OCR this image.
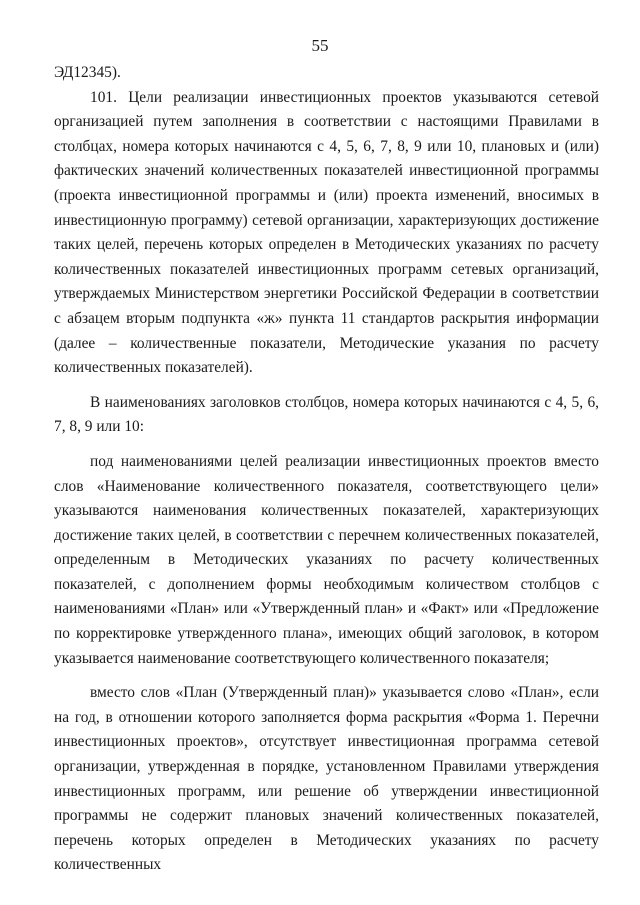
55

ЭД12345).

101. Цели реализации инвестиционных проектов указываются сетевой организацией путем заполнения в соответствии с настоящими Правилами в столбцах, номера которых начинаются с 4, 5, 6, 7, 8, 9 или 10, плановых и (или) фактических значений количественных показателей инвестиционной программы (проекта инвестиционной программы и (или) проекта изменений, вносимых в инвестиционную программу) сетевой организации, характеризующих достижение таких целей, перечень которых определен в Методических указаниях по расчету количественных показателей инвестиционных программ сетевых организаций, утверждаемых Министерством энергетики Российской Федерации в соответствии с абзацем вторым подпункта «ж» пункта 11 стандартов раскрытия информации (далее – количественные показатели, Методические указания по расчету количественных показателей).

В наименованиях заголовков столбцов, номера которых начинаются с 4, 5, 6, 7, 8, 9 или 10:

под наименованиями целей реализации инвестиционных проектов вместо слов «Наименование количественного показателя, соответствующего цели» указываются наименования количественных показателей, характеризующих достижение таких целей, в соответствии с перечнем количественных показателей, определенным в Методических указаниях по расчету количественных показателей, с дополнением формы необходимым количеством столбцов с наименованиями «План» или «Утвержденный план» и «Факт» или «Предложение по корректировке утвержденного плана», имеющих общий заголовок, в котором указывается наименование соответствующего количественного показателя;

вместо слов «План (Утвержденный план)» указывается слово «План», если на год, в отношении которого заполняется форма раскрытия «Форма 1. Перечни инвестиционных проектов», отсутствует инвестиционная программа сетевой организации, утвержденная в порядке, установленном Правилами утверждения инвестиционных программ, или решение об утверждении инвестиционной программы не содержит плановых значений количественных показателей, перечень которых определен в Методических указаниях по расчету количественных
